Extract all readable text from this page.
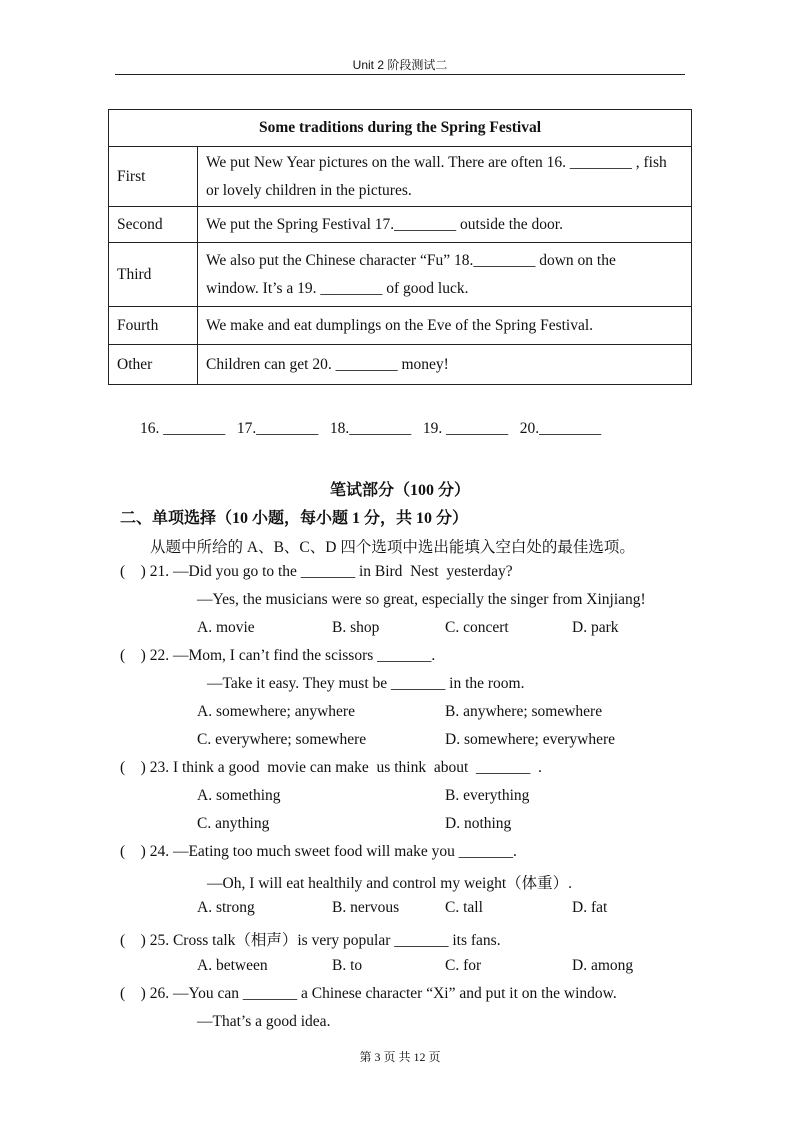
Unit 2 阶段测试二
Some traditions during the Spring Festival	
First	We put New Year pictures on the wall. There are often 16. ________ , fish
or lovely children in the pictures.

Second	We put the Spring Festival 17.________ outside the door.

Third	We also put the Chinese character “Fu” 18.________ down on the
window. It’s a 19. ________ of good luck.

Fourth	We make and eat dumplings on the Eve of the Spring Festival.

Other	Children can get 20. ________ money!
16. ________   17.________   18.________   19. ________   20.________
笔试部分（100 分）
二、单项选择（10 小题，每小题 1 分，共 10 分）
从题中所给的 A、B、C、D 四个选项中选出能填入空白处的最佳选项。
(    ) 21. —Did you go to the _______ in Bird  Nest  yesterday?
—Yes, the musicians were so great, especially the singer from Xinjiang!
A. movie	B. shop	C. concert	D. park
(    ) 22. —Mom, I can’t find the scissors _______.
—Take it easy. They must be _______ in the room.
A. somewhere; anywhere	B. anywhere; somewhere
C. everywhere; somewhere	D. somewhere; everywhere
(    ) 23. I think a good  movie can make  us think  about  _______  .
A. something	B. everything
C. anything	D. nothing
(    ) 24. —Eating too much sweet food will make you _______.
—Oh, I will eat healthily and control my weight（体重）.
A. strong	B. nervous	C. tall	D. fat
(    ) 25. Cross talk（相声）is very popular _______ its fans.
A. between	B. to	C. for	D. among
(    ) 26. —You can _______ a Chinese character “Xi” and put it on the window.
—That’s a good idea.
第 3 页 共 12 页
